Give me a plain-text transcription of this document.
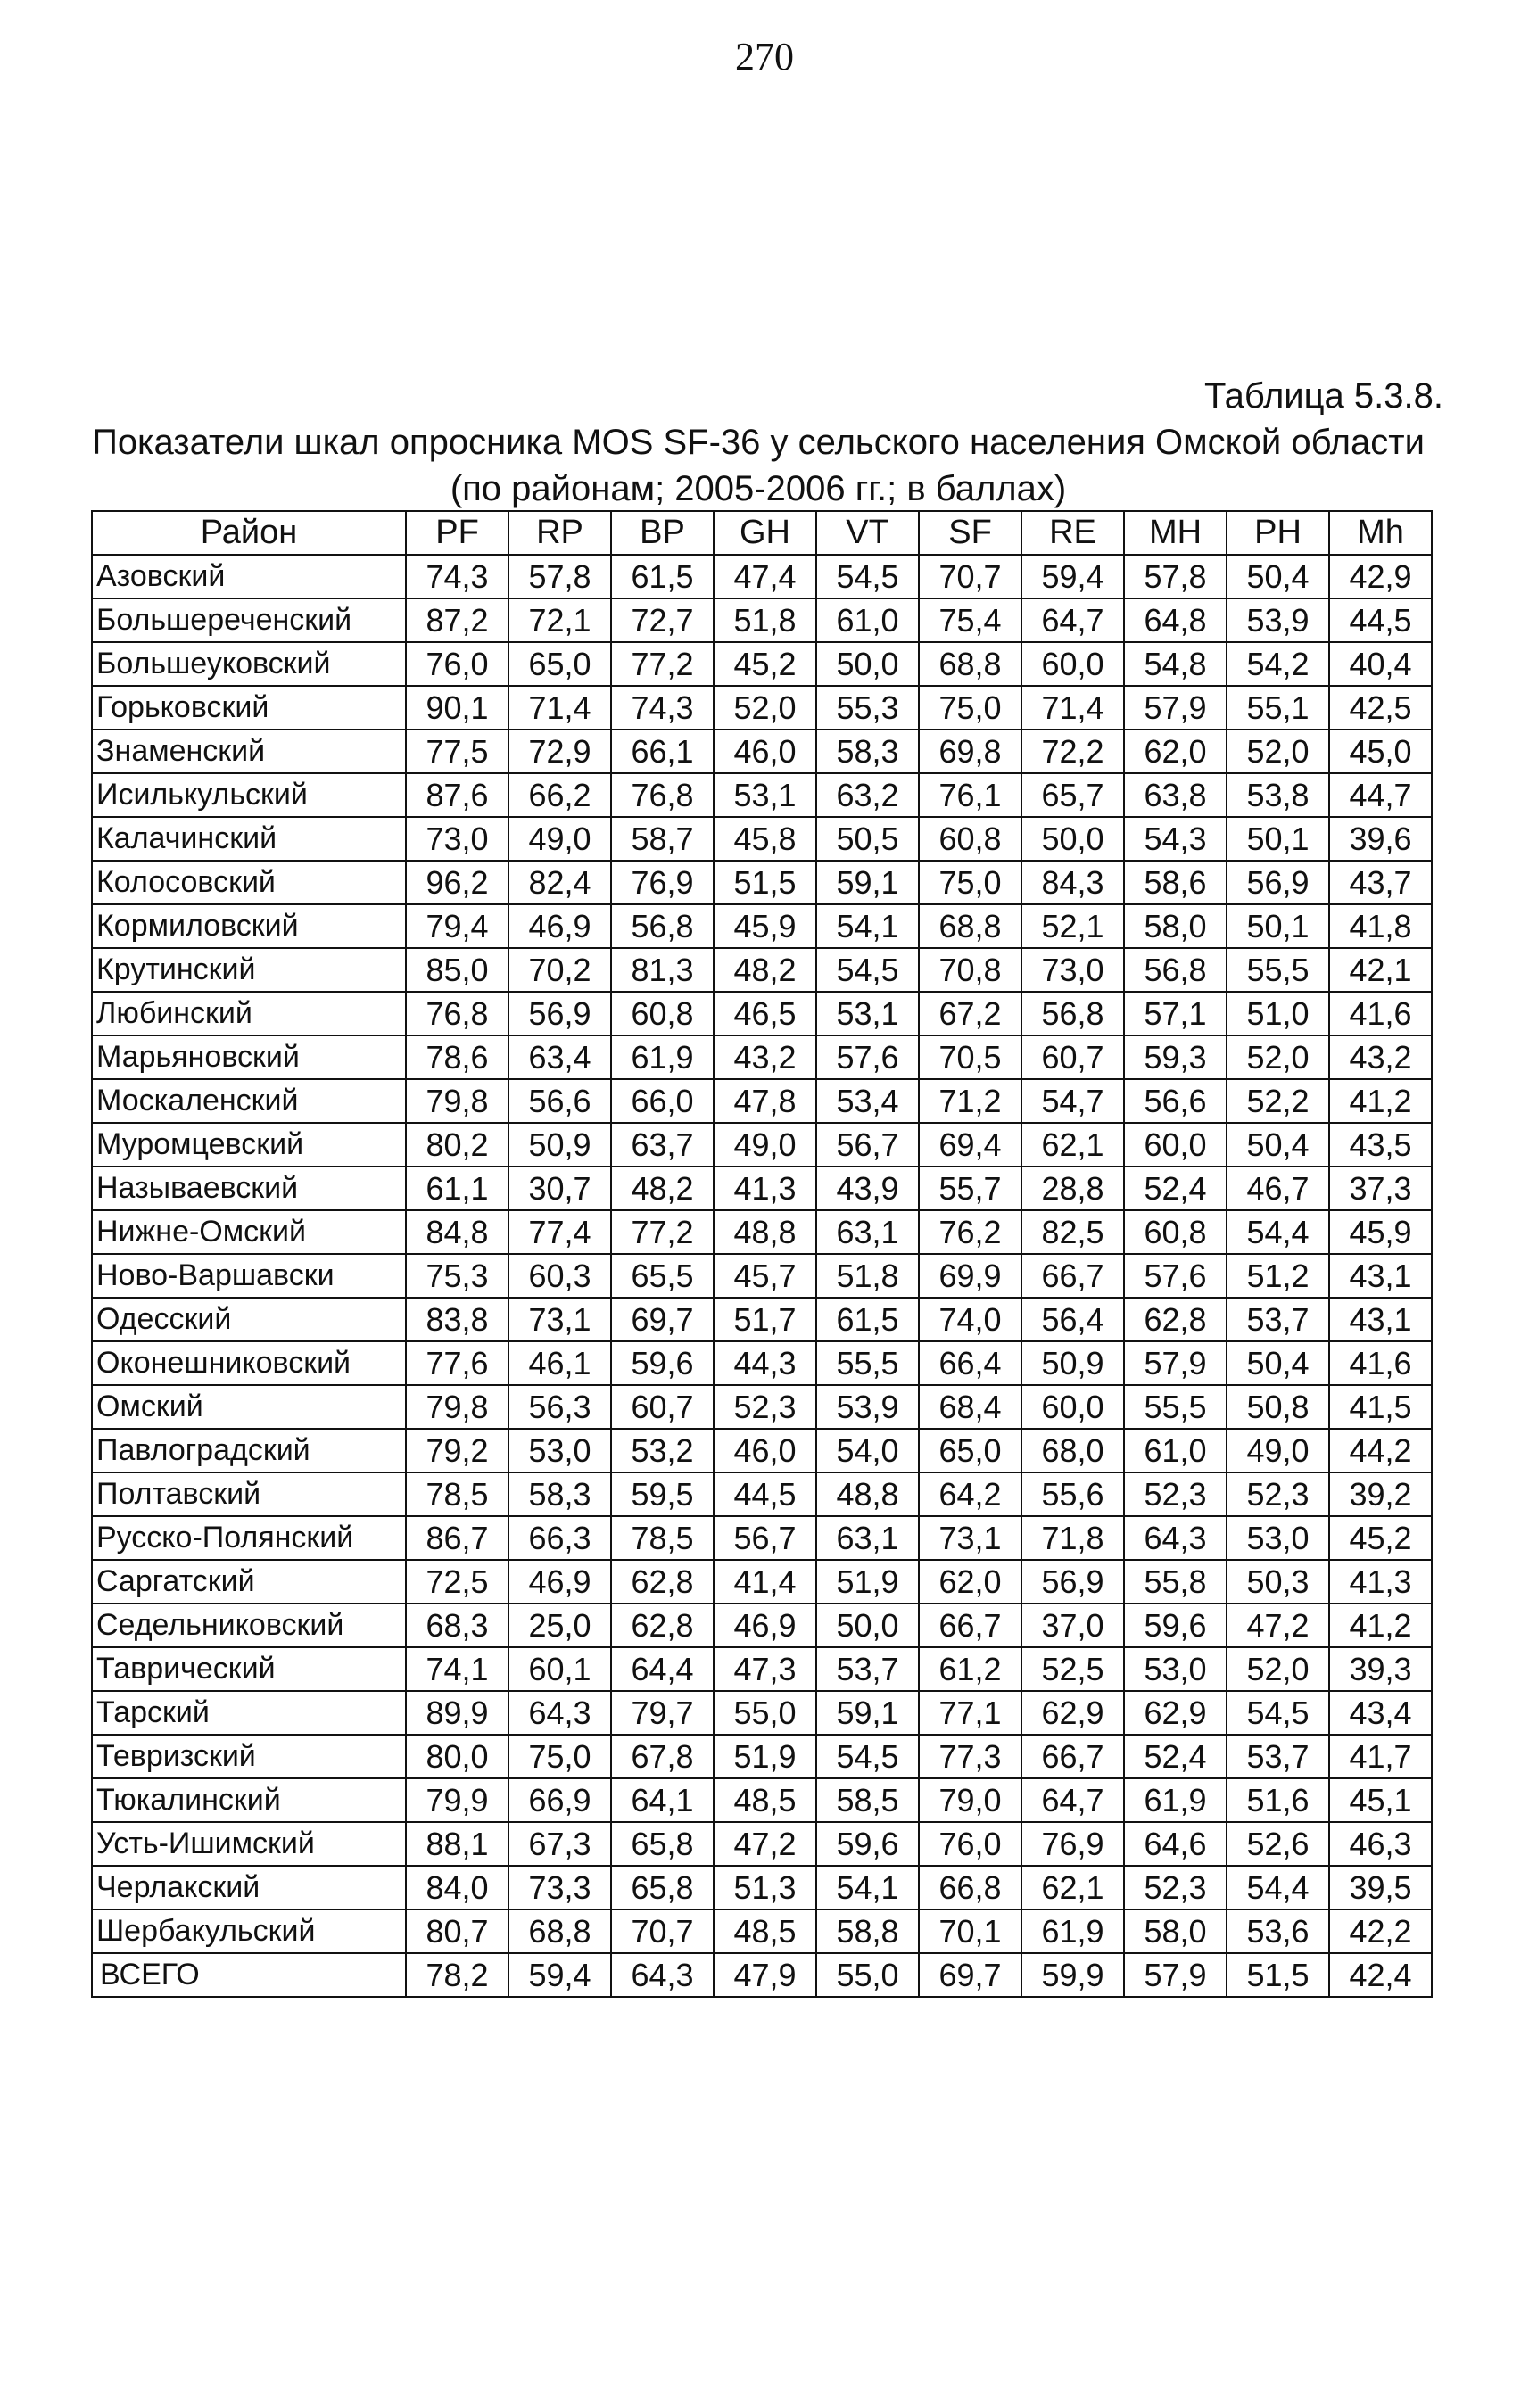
270
Таблица 5.3.8.
Показатели шкал опросника MOS SF-36 у сельского населения Омской области (по районам; 2005-2006 гг.; в баллах)
Район	PF	RP	BP	GH	VT	SF	RE	MH	PH	Mh
Азовский	74,3	57,8	61,5	47,4	54,5	70,7	59,4	57,8	50,4	42,9
Большереченский	87,2	72,1	72,7	51,8	61,0	75,4	64,7	64,8	53,9	44,5
Большеуковский	76,0	65,0	77,2	45,2	50,0	68,8	60,0	54,8	54,2	40,4
Горьковский	90,1	71,4	74,3	52,0	55,3	75,0	71,4	57,9	55,1	42,5
Знаменский	77,5	72,9	66,1	46,0	58,3	69,8	72,2	62,0	52,0	45,0
Исилькульский	87,6	66,2	76,8	53,1	63,2	76,1	65,7	63,8	53,8	44,7
Калачинский	73,0	49,0	58,7	45,8	50,5	60,8	50,0	54,3	50,1	39,6
Колосовский	96,2	82,4	76,9	51,5	59,1	75,0	84,3	58,6	56,9	43,7
Кормиловский	79,4	46,9	56,8	45,9	54,1	68,8	52,1	58,0	50,1	41,8
Крутинский	85,0	70,2	81,3	48,2	54,5	70,8	73,0	56,8	55,5	42,1
Любинский	76,8	56,9	60,8	46,5	53,1	67,2	56,8	57,1	51,0	41,6
Марьяновский	78,6	63,4	61,9	43,2	57,6	70,5	60,7	59,3	52,0	43,2
Москаленский	79,8	56,6	66,0	47,8	53,4	71,2	54,7	56,6	52,2	41,2
Муромцевский	80,2	50,9	63,7	49,0	56,7	69,4	62,1	60,0	50,4	43,5
Называевский	61,1	30,7	48,2	41,3	43,9	55,7	28,8	52,4	46,7	37,3
Нижне-Омский	84,8	77,4	77,2	48,8	63,1	76,2	82,5	60,8	54,4	45,9
Ново-Варшавски	75,3	60,3	65,5	45,7	51,8	69,9	66,7	57,6	51,2	43,1
Одесский	83,8	73,1	69,7	51,7	61,5	74,0	56,4	62,8	53,7	43,1
Оконешниковский	77,6	46,1	59,6	44,3	55,5	66,4	50,9	57,9	50,4	41,6
Омский	79,8	56,3	60,7	52,3	53,9	68,4	60,0	55,5	50,8	41,5
Павлоградский	79,2	53,0	53,2	46,0	54,0	65,0	68,0	61,0	49,0	44,2
Полтавский	78,5	58,3	59,5	44,5	48,8	64,2	55,6	52,3	52,3	39,2
Русско-Полянский	86,7	66,3	78,5	56,7	63,1	73,1	71,8	64,3	53,0	45,2
Саргатский	72,5	46,9	62,8	41,4	51,9	62,0	56,9	55,8	50,3	41,3
Седельниковский	68,3	25,0	62,8	46,9	50,0	66,7	37,0	59,6	47,2	41,2
Таврический	74,1	60,1	64,4	47,3	53,7	61,2	52,5	53,0	52,0	39,3
Тарский	89,9	64,3	79,7	55,0	59,1	77,1	62,9	62,9	54,5	43,4
Тевризский	80,0	75,0	67,8	51,9	54,5	77,3	66,7	52,4	53,7	41,7
Тюкалинский	79,9	66,9	64,1	48,5	58,5	79,0	64,7	61,9	51,6	45,1
Усть-Ишимский	88,1	67,3	65,8	47,2	59,6	76,0	76,9	64,6	52,6	46,3
Черлакский	84,0	73,3	65,8	51,3	54,1	66,8	62,1	52,3	54,4	39,5
Шербакульский	80,7	68,8	70,7	48,5	58,8	70,1	61,9	58,0	53,6	42,2
ВСЕГО	78,2	59,4	64,3	47,9	55,0	69,7	59,9	57,9	51,5	42,4
